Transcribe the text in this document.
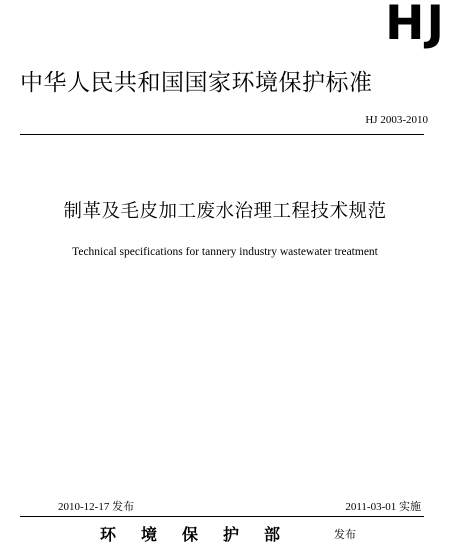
HJ
中华人民共和国国家环境保护标准
HJ 2003-2010
制革及毛皮加工废水治理工程技术规范
Technical specifications for tannery industry wastewater treatment
2010-12-17 发布	2011-03-01 实施
环境保护部	发布
